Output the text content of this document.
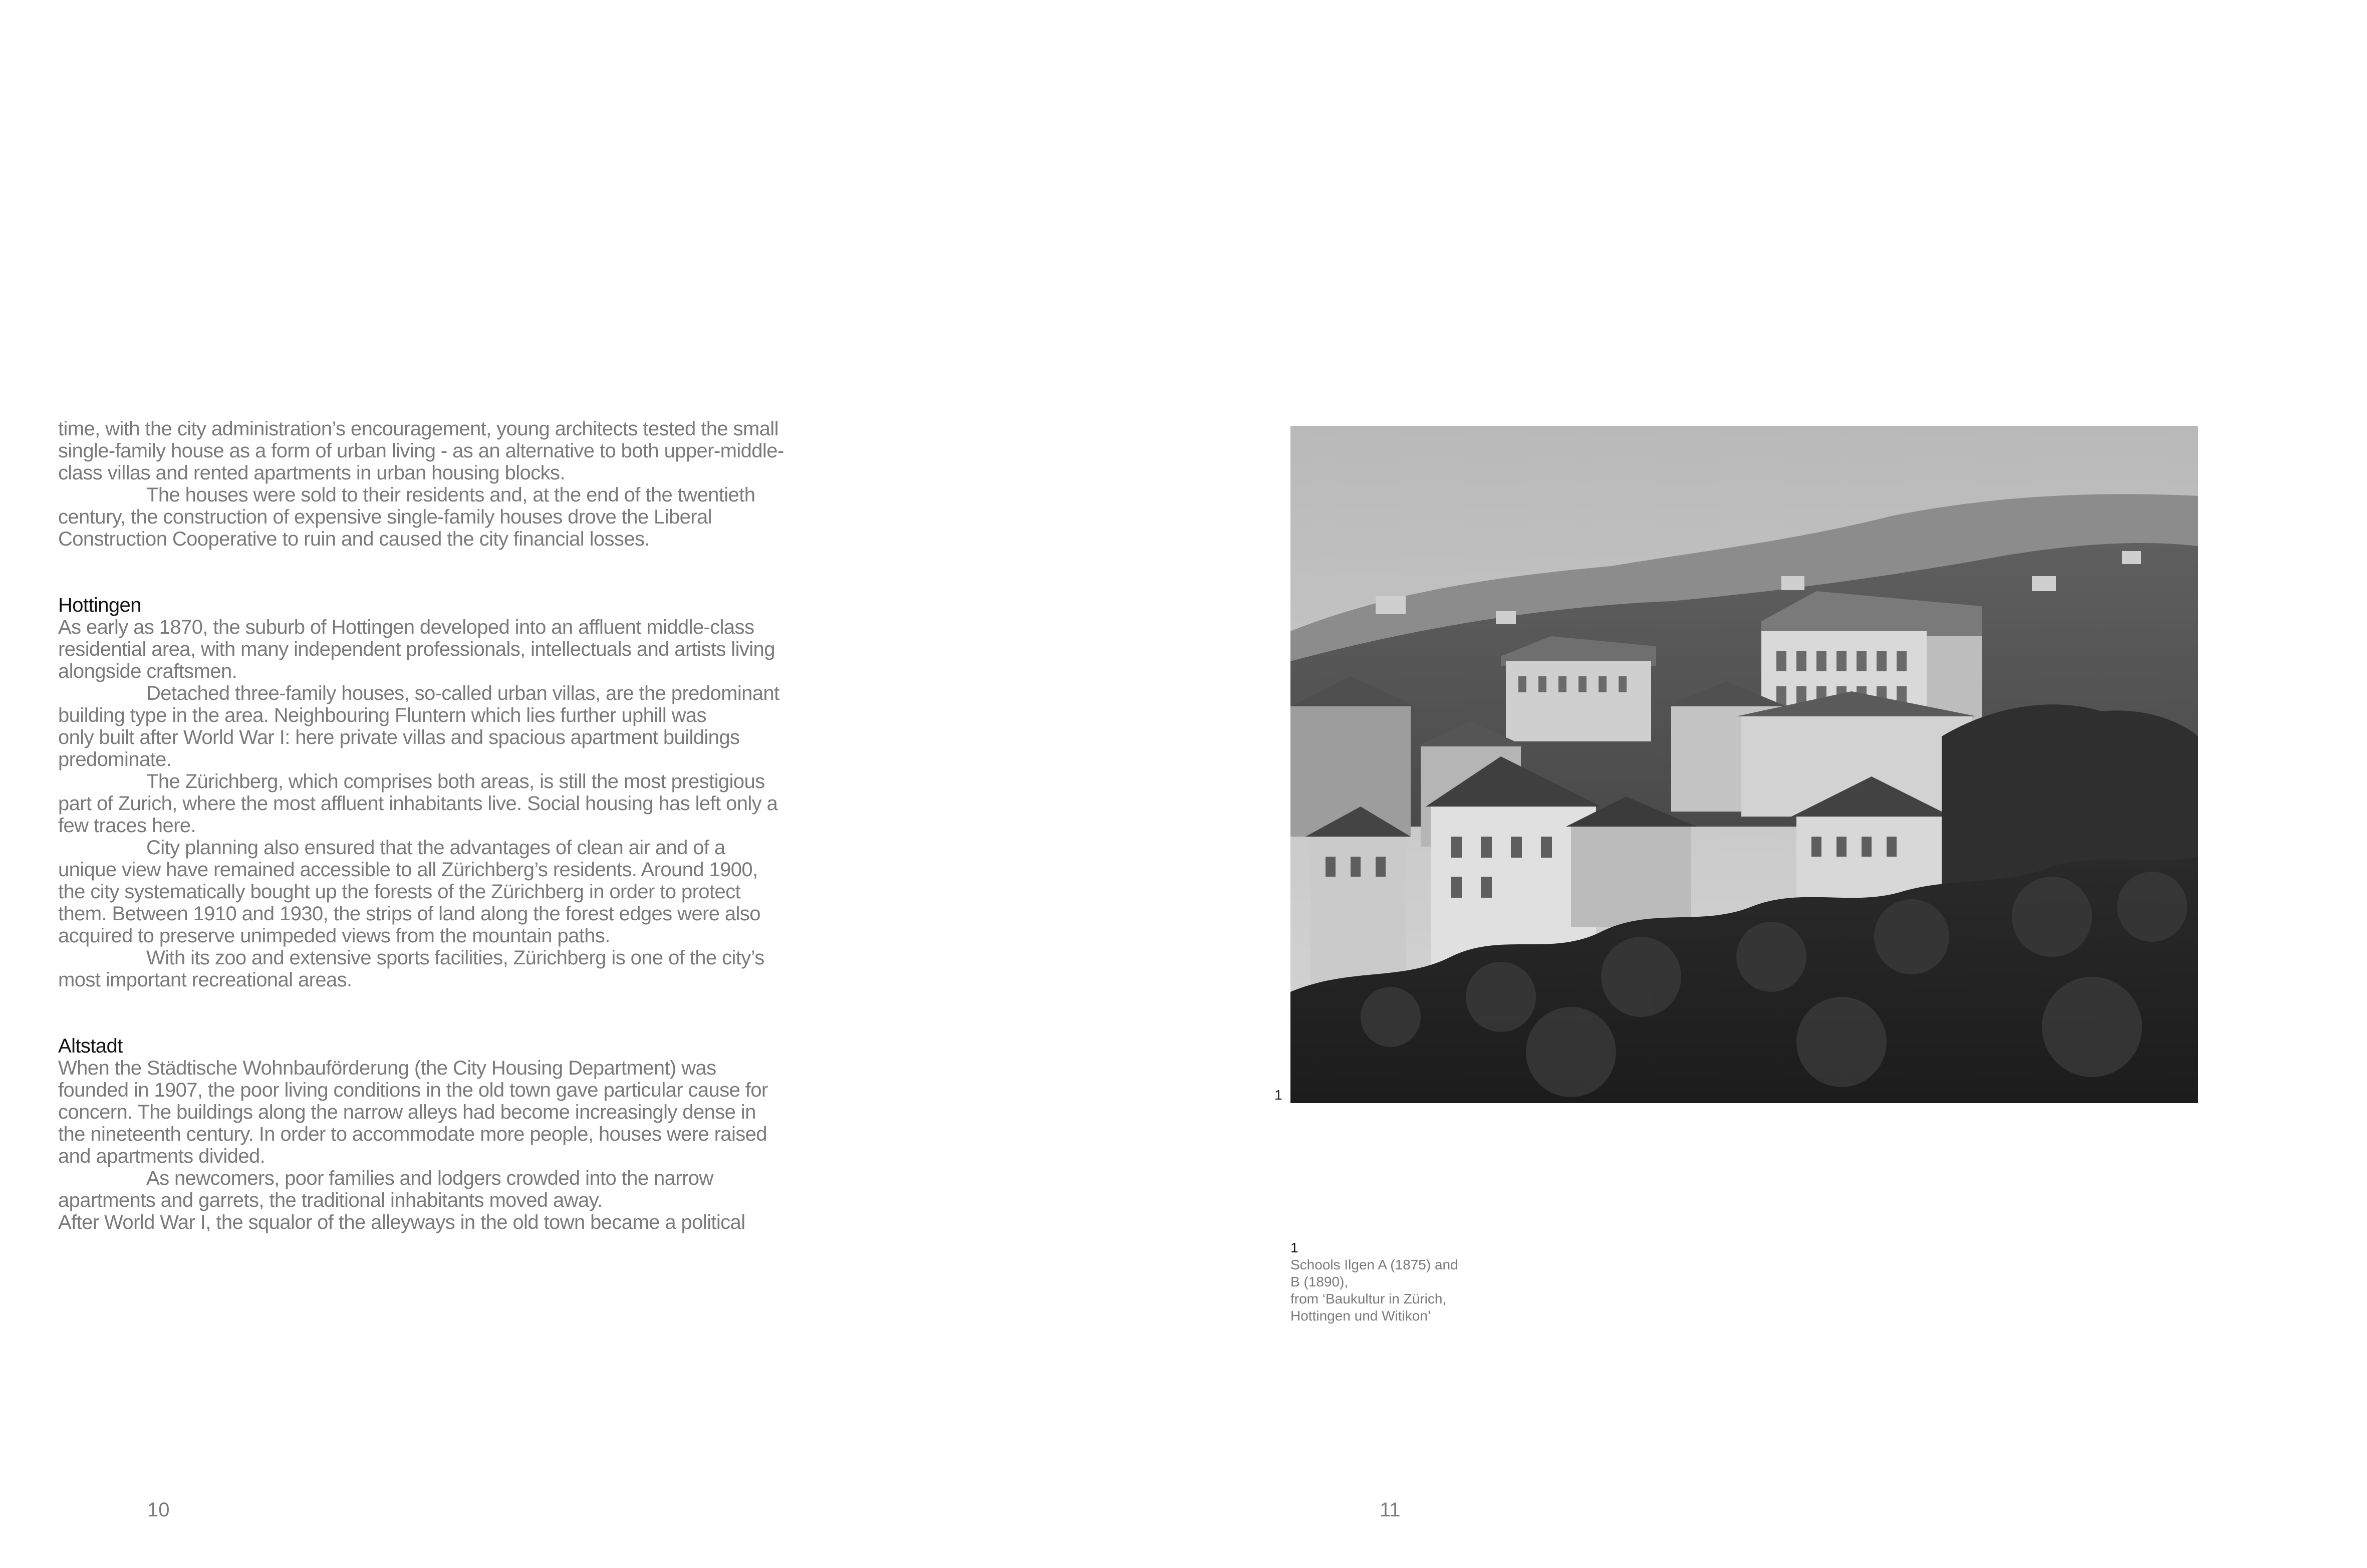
time, with the city administration’s encouragement, young architects tested the small
single-family house as a form of urban living - as an alternative to both upper-middle-
class villas and rented apartments in urban housing blocks.

The houses were sold to their residents and, at the end of the twentieth
century, the construction of expensive single-family houses drove the Liberal
Construction Cooperative to ruin and caused the city financial losses.

Hottingen

As early as 1870, the suburb of Hottingen developed into an affluent middle-class
residential area, with many independent professionals, intellectuals and artists living
alongside craftsmen.

Detached three-family houses, so-called urban villas, are the predominant
building type in the area. Neighbouring Fluntern which lies further uphill was
only built after World War I: here private villas and spacious apartment buildings
predominate.

The Zürichberg, which comprises both areas, is still the most prestigious
part of Zurich, where the most affluent inhabitants live. Social housing has left only a
few traces here.

City planning also ensured that the advantages of clean air and of a
unique view have remained accessible to all Zürichberg’s residents. Around 1900,
the city systematically bought up the forests of the Zürichberg in order to protect
them. Between 1910 and 1930, the strips of land along the forest edges were also
acquired to preserve unimpeded views from the mountain paths.

With its zoo and extensive sports facilities, Zürichberg is one of the city’s
most important recreational areas.

Altstadt

When the Städtische Wohnbauförderung (the City Housing Department) was
founded in 1907, the poor living conditions in the old town gave particular cause for
concern. The buildings along the narrow alleys had become increasingly dense in
the nineteenth century. In order to accommodate more people, houses were raised
and apartments divided.

As newcomers, poor families and lodgers crowded into the narrow
apartments and garrets, the traditional inhabitants moved away.

After World War I, the squalor of the alleyways in the old town became a political

10
1
1
Schools Ilgen A (1875) and
B (1890),
from ‘Baukultur in Zürich,
Hottingen und Witikon’
11
